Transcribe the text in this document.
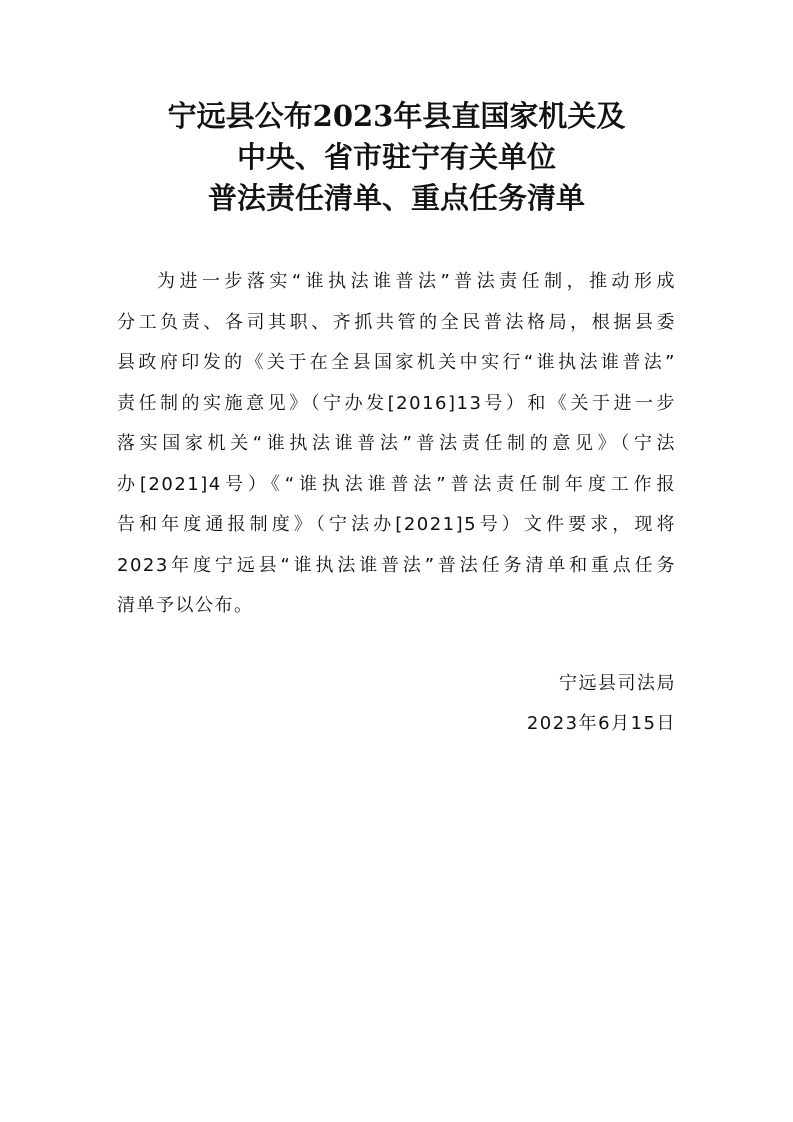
宁远县公布2023年县直国家机关及
中央、省市驻宁有关单位
普法责任清单、重点任务清单
为进一步落实“谁执法谁普法”普法责任制，推动形成
分工负责、各司其职、齐抓共管的全民普法格局，根据县委
县政府印发的《关于在全县国家机关中实行“谁执法谁普法”
责任制的实施意见》（宁办发[2016]13号）和《关于进一步
落实国家机关“谁执法谁普法”普法责任制的意见》（宁法
办[2021]4号）《“谁执法谁普法”普法责任制年度工作报
告和年度通报制度》（宁法办[2021]5号）文件要求，现将
2023年度宁远县“谁执法谁普法”普法任务清单和重点任务
清单予以公布。
宁远县司法局
2023年6月15日
